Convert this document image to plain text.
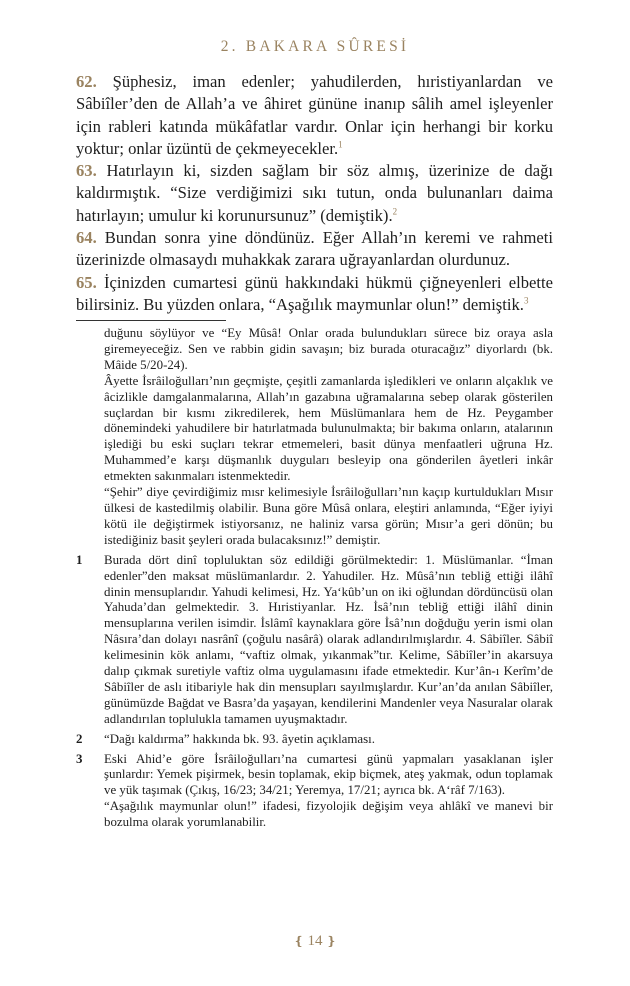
2. BAKARA SÛRESİ

62. Şüphesiz, iman edenler; yahudilerden, hıristiyanlardan ve Sâbiîler’den de Allah’a ve âhiret gününe inanıp sâlih amel işleyenler için rableri katında mükâfatlar vardır. Onlar için herhangi bir korku yoktur; onlar üzüntü de çekmeyecekler.$^1$

63. Hatırlayın ki, sizden sağlam bir söz almış, üzerinize de dağı kaldırmıştık. “Size verdiğimizi sıkı tutun, onda bulunanları daima hatırlayın; umulur ki korunursunuz” (demiştik).$^2$

64. Bundan sonra yine döndünüz. Eğer Allah’ın keremi ve rahmeti üzerinizde olmasaydı muhakkak zarara uğrayanlardan olurdunuz.

65. İçinizden cumartesi günü hakkındaki hükmü çiğneyenleri elbette bilirsiniz. Bu yüzden onlara, “Aşağılık maymunlar olun!” demiştik.$^3$

duğunu söylüyor ve “Ey Mûsâ! Onlar orada bulundukları sürece biz oraya asla giremeyeceğiz. Sen ve rabbin gidin savaşın; biz burada oturacağız” diyorlardı (bk. Mâide 5/20-24).

Âyette İsrâiloğulları’nın geçmişte, çeşitli zamanlarda işledikleri ve onların alçaklık ve âcizlikle damgalanmalarına, Allah’ın gazabına uğramalarına sebep olarak gösterilen suçlardan bir kısmı zikredilerek, hem Müslümanlara hem de Hz. Peygamber dönemindeki yahudilere bir hatırlatmada bulunulmakta; bir bakıma onların, atalarının işlediği bu eski suçları tekrar etmemeleri, basit dünya menfaatleri uğruna Hz. Muhammed’e karşı düşmanlık duyguları besleyip ona gönderilen âyetleri inkâr etmekten sakınmaları istenmektedir.

“Şehir” diye çevirdiğimiz mısr kelimesiyle İsrâiloğulları’nın kaçıp kurtuldukları Mısır ülkesi de kastedilmiş olabilir. Buna göre Mûsâ onlara, eleştiri anlamında, “Eğer iyiyi kötü ile değiştirmek istiyorsanız, ne haliniz varsa görün; Mısır’a geri dönün; bu istediğiniz basit şeyleri orada bulacaksınız!” demiştir.

1 Burada dört dinî topluluktan söz edildiği görülmektedir: 1. Müslümanlar. “İman edenler”den maksat müslümanlardır. 2. Yahudiler. Hz. Mûsâ’nın tebliğ ettiği ilâhî dinin mensuplarıdır. Yahudi kelimesi, Hz. Ya‘kûb’un on iki oğlundan dördüncüsü olan Yahuda’dan gelmektedir. 3. Hıristiyanlar. Hz. İsâ’nın tebliğ ettiği ilâhî dinin mensuplarına verilen isimdir. İslâmî kaynaklara göre İsâ’nın doğduğu yerin ismi olan Nâsıra’dan dolayı nasrânî (çoğulu nasârâ) olarak adlandırılmışlardır. 4. Sâbiîler. Sâbiî kelimesinin kök anlamı, “vaftiz olmak, yıkanmak”tır. Kelime, Sâbiîler’in akarsuya dalıp çıkmak suretiyle vaftiz olma uygulamasını ifade etmektedir. Kur’ân-ı Kerîm’de Sâbiîler de aslı itibariyle hak din mensupları sayılmışlardır. Kur’an’da anılan Sâbiîler, günümüzde Bağdat ve Basra’da yaşayan, kendilerini Mandenler veya Nasuralar olarak adlandırılan toplulukla tamamen uyuşmaktadır.

2 “Dağı kaldırma” hakkında bk. 93. âyetin açıklaması.

3 Eski Ahid’e göre İsrâiloğulları’na cumartesi günü yapmaları yasaklanan işler şunlardır: Yemek pişirmek, besin toplamak, ekip biçmek, ateş yakmak, odun toplamak ve yük taşımak (Çıkış, 16/23; 34/21; Yeremya, 17/21; ayrıca bk. A‘râf 7/163).

“Aşağılık maymunlar olun!” ifadesi, fizyolojik değişim veya ahlâkî ve manevi bir bozulma olarak yorumlanabilir.

❴ 14 ❵
